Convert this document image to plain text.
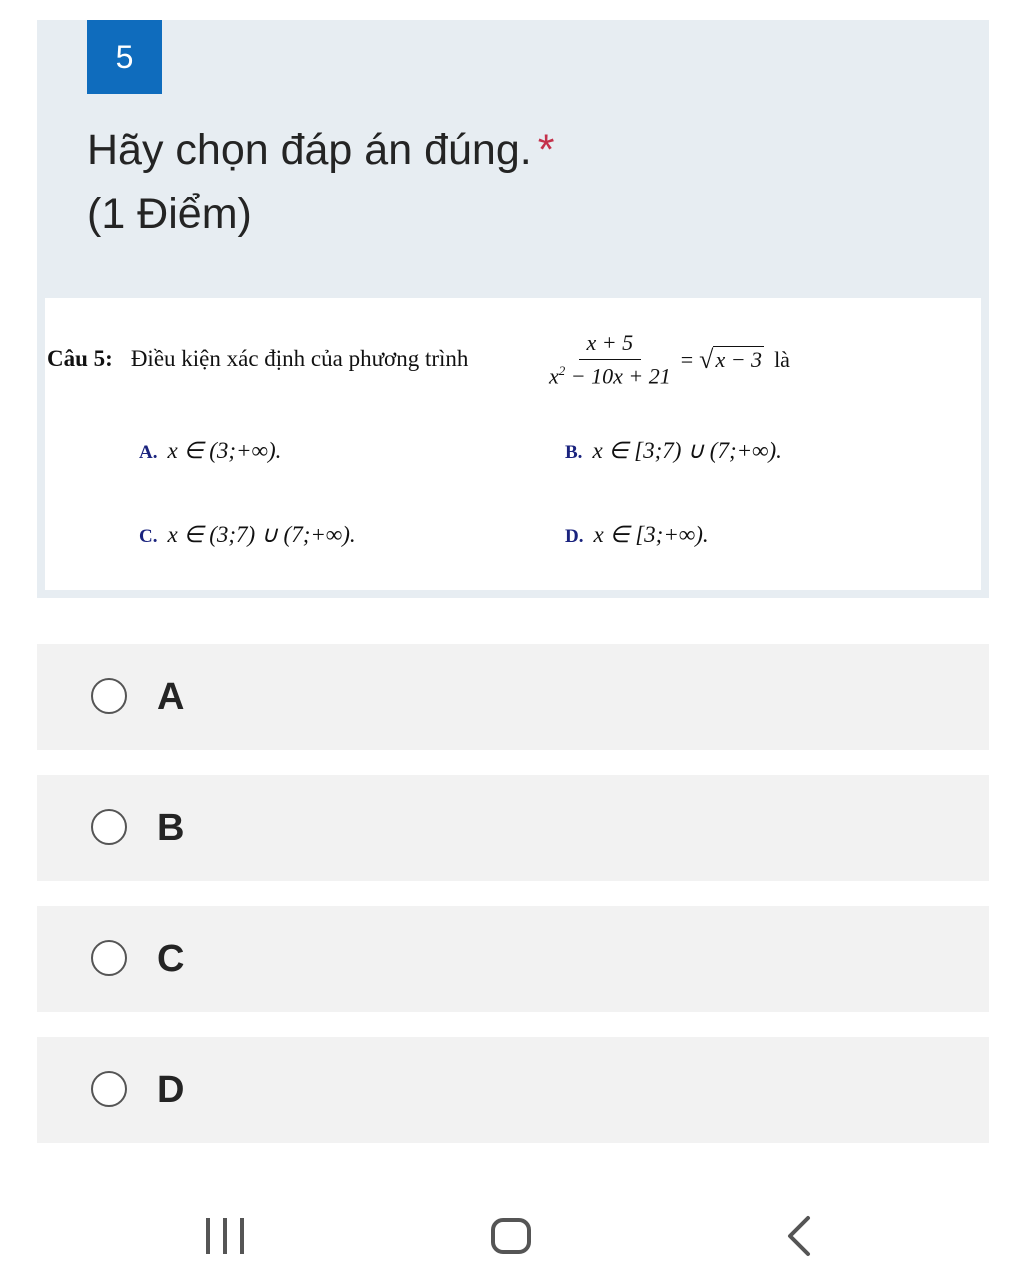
5
Hãy chọn đáp án đúng. *
(1 Điểm)
Câu 5: Điều kiện xác định của phương trình	$\frac{x + 5}{x^2 - 10x + 21}$ = √ x − 3 là
A. x ∈ (3;+∞).	B. x ∈ [3;7) ∪ (7;+∞).
C. x ∈ (3;7) ∪ (7;+∞).	D. x ∈ [3;+∞).
A
B
C
D
